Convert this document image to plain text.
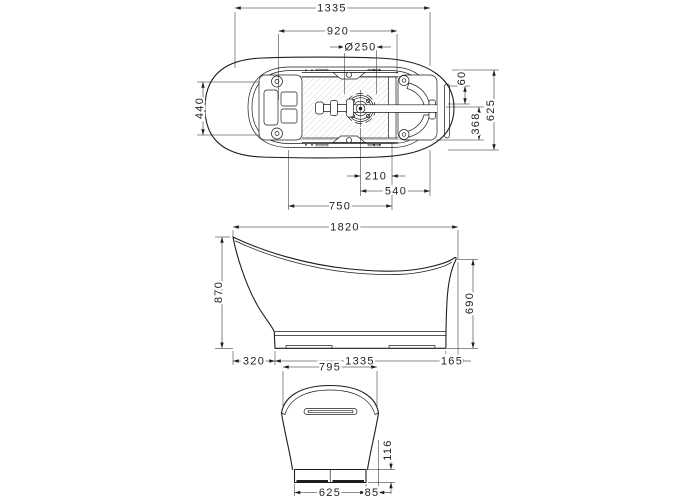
1335
920
Ø250
440
60
368
625
210
540
750
1820
870	690
320	1335	165
795
625 85
116
